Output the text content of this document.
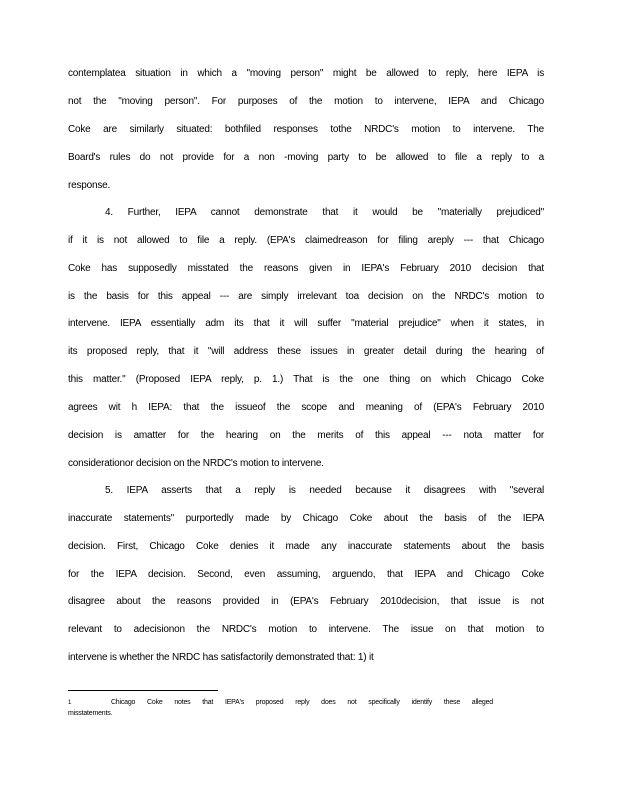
contemplatea situation in which a "moving person" might be allowed to reply, here IEPA is
not the "moving person". For purposes of the motion to intervene, IEPA and Chicago
Coke are similarly situated: bothfiled responses tothe NRDC's motion to intervene. The
Board's rules do not provide for a non -moving party to be allowed to file a reply to a
response.
4. Further, IEPA cannot demonstrate that it would be "materially prejudiced"
if it is not allowed to file a reply. (EPA's claimedreason for filing areply --- that Chicago
Coke has supposedly misstated the reasons given in IEPA's February 2010 decision that
is the basis for this appeal --- are simply irrelevant toa decision on the NRDC's motion to
intervene. IEPA essentially adm its that it will suffer "material prejudice" when it states, in
its proposed reply, that it "will address these issues in greater detail during the hearing of
this matter." (Proposed IEPA reply, p. 1.) That is the one thing on which Chicago Coke
agrees wit h IEPA: that the issueof the scope and meaning of (EPA's February 2010
decision is amatter for the hearing on the merits of this appeal --- nota matter for
considerationor decision on the NRDC's motion to intervene.
5. IEPA asserts that a reply is needed because it disagrees with "several
inaccurate statements" purportedly made by Chicago Coke about the basis of the IEPA
decision. First, Chicago Coke denies it made any inaccurate statements about the basis
for the IEPA decision. Second, even assuming, arguendo, that IEPA and Chicago Coke
disagree about the reasons provided in (EPA's February 2010decision, that issue is not
relevant to adecisionon the NRDC's motion to intervene. The issue on that motion to
intervene is whether the NRDC has satisfactorily demonstrated that: 1) it
1	Chicago Coke notes that IEPA's proposed reply does not specifically identify these alleged
misstatements.
